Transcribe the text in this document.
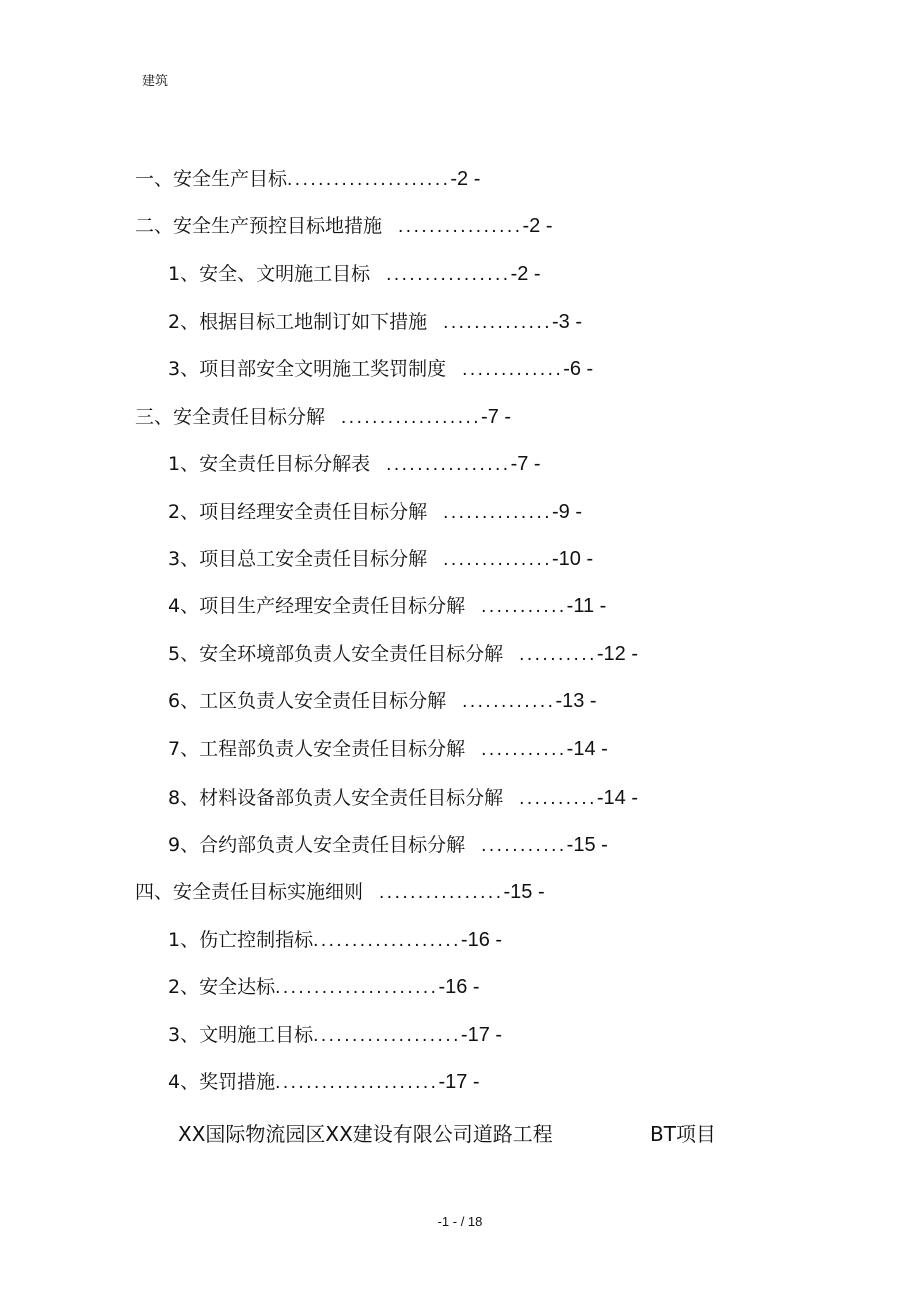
建筑
一、安全生产目标 ..................... -2 -
二、安全生产预控目标地措施 ................ -2 -
1、安全、文明施工目标 ................ -2 -
2、根据目标工地制订如下措施 .............. -3 -
3、项目部安全文明施工奖罚制度 ............. -6 -
三、安全责任目标分解 .................. -7 -
1、安全责任目标分解表 ................ -7 -
2、项目经理安全责任目标分解 .............. -9 -
3、项目总工安全责任目标分解 .............. -10 -
4、项目生产经理安全责任目标分解 ........... -11 -
5、安全环境部负责人安全责任目标分解 .......... -12 -
6、工区负责人安全责任目标分解 ............ -13 -
7、工程部负责人安全责任目标分解 ........... -14 -
8、材料设备部负责人安全责任目标分解 .......... -14 -
9、合约部负责人安全责任目标分解 ........... -15 -
四、安全责任目标实施细则 ................ -15 -
1、伤亡控制指标 ................... -16 -
2、安全达标 ..................... -16 -
3、文明施工目标 ................... -17 -
4、奖罚措施 ..................... -17 -
XX国际物流园区XX建设有限公司道路工程	BT项目
-1 - / 18
